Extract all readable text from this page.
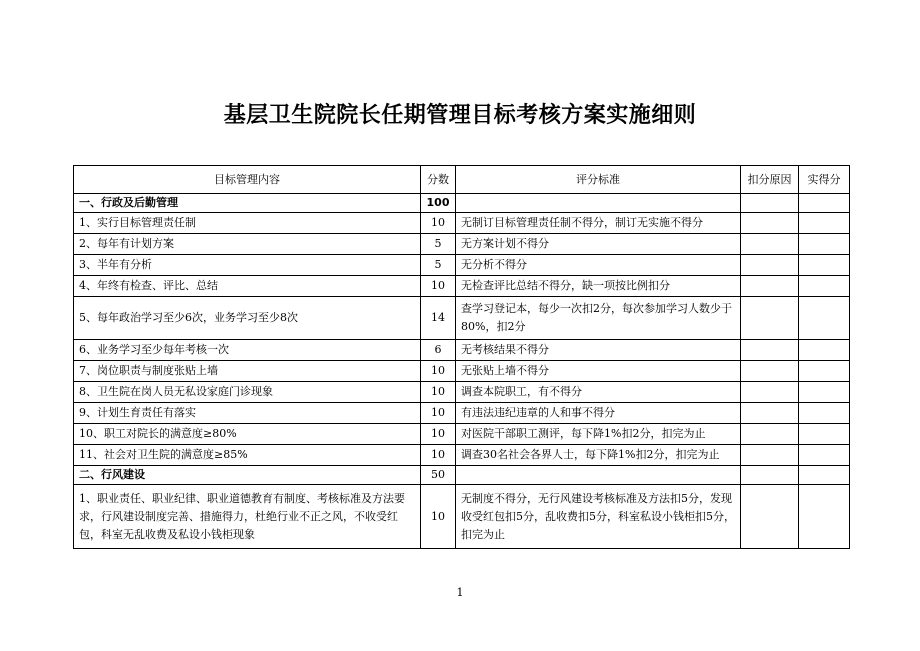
基层卫生院院长任期管理目标考核方案实施细则
目标管理内容	分数	评分标准	扣分原因	实得分

一、行政及后勤管理	100	

1、实行目标管理责任制	10	无制订目标管理责任制不得分，制订无实施不得分		

2、每年有计划方案	5	无方案计划不得分		

3、半年有分析	5	无分析不得分		

4、年终有检查、评比、总结	10	无检查评比总结不得分，缺一项按比例扣分		

5、每年政治学习至少6次，业务学习至少8次	14	查学习登记本，每少一次扣2分，每次参加学习人数少于80%，扣2分		

6、业务学习至少每年考核一次	6	无考核结果不得分		

7、岗位职责与制度张贴上墙	10	无张贴上墙不得分		

8、卫生院在岗人员无私设家庭门诊现象	10	调查本院职工，有不得分		

9、计划生育责任有落实	10	有违法违纪违章的人和事不得分		

10、职工对院长的满意度≥80%	10	对医院干部职工测评，每下降1%扣2分，扣完为止		

11、社会对卫生院的满意度≥85%	10	调查30名社会各界人士，每下降1%扣2分，扣完为止		

二、行风建设	50	

1、职业责任、职业纪律、职业道德教育有制度、考核标准及方法要求，行风建设制度完善、措施得力，杜绝行业不正之风，不收受红包，科室无乱收费及私设小钱柜现象	10	无制度不得分，无行风建设考核标准及方法扣5分，发现收受红包扣5分，乱收费扣5分，科室私设小钱柜扣5分，扣完为止		

1
